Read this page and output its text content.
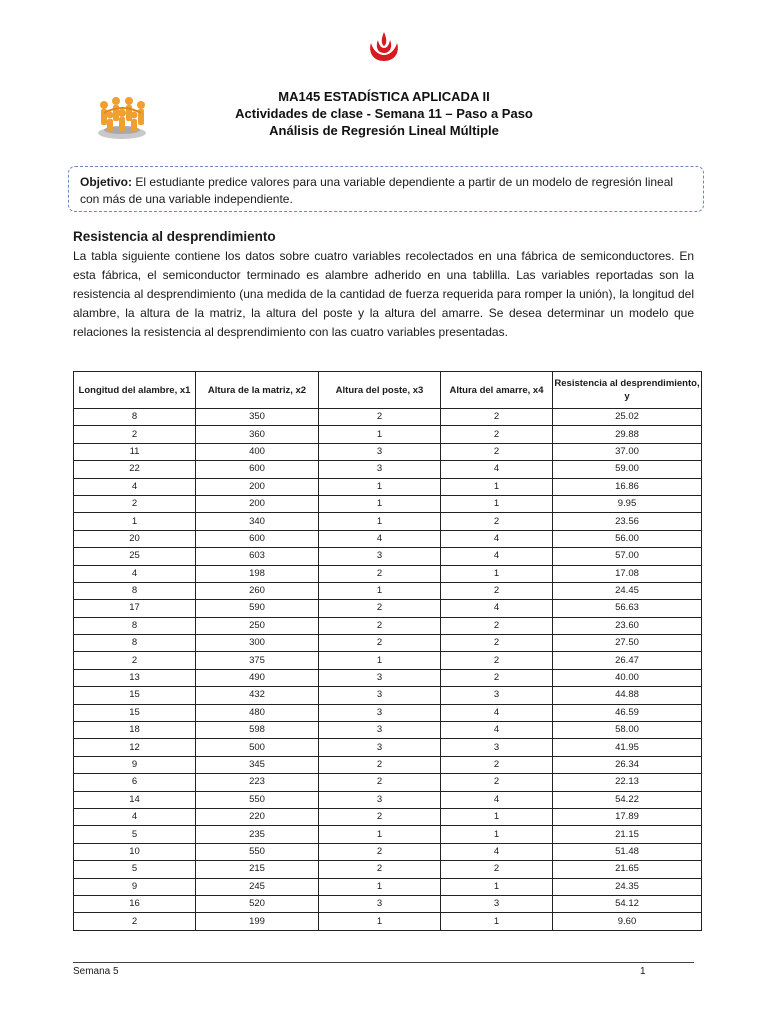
MA145 ESTADÍSTICA APLICADA II
Actividades de clase - Semana 11 – Paso a Paso
Análisis de Regresión Lineal Múltiple
Objetivo: El estudiante predice valores para una variable dependiente a partir de un modelo de regresión lineal con más de una variable independiente.
Resistencia al desprendimiento
La tabla siguiente contiene los datos sobre cuatro variables recolectados en una fábrica de semiconductores. En esta fábrica, el semiconductor terminado es alambre adherido en una tablilla. Las variables reportadas son la resistencia al desprendimiento (una medida de la cantidad de fuerza requerida para romper la unión), la longitud del alambre, la altura de la matriz, la altura del poste y la altura del amarre. Se desea determinar un modelo que relaciones la resistencia al desprendimiento con las cuatro variables presentadas.
Longitud del alambre, x1	Altura de la matriz, x2	Altura del poste, x3	Altura del amarre, x4	Resistencia al desprendimiento, y
8	350	2	2	25.02
2	360	1	2	29.88
11	400	3	2	37.00
22	600	3	4	59.00
4	200	1	1	16.86
2	200	1	1	9.95
1	340	1	2	23.56
20	600	4	4	56.00
25	603	3	4	57.00
4	198	2	1	17.08
8	260	1	2	24.45
17	590	2	4	56.63
8	250	2	2	23.60
8	300	2	2	27.50
2	375	1	2	26.47
13	490	3	2	40.00
15	432	3	3	44.88
15	480	3	4	46.59
18	598	3	4	58.00
12	500	3	3	41.95
9	345	2	2	26.34
6	223	2	2	22.13
14	550	3	4	54.22
4	220	2	1	17.89
5	235	1	1	21.15
10	550	2	4	51.48
5	215	2	2	21.65
9	245	1	1	24.35
16	520	3	3	54.12
2	199	1	1	9.60
Semana 5	1
